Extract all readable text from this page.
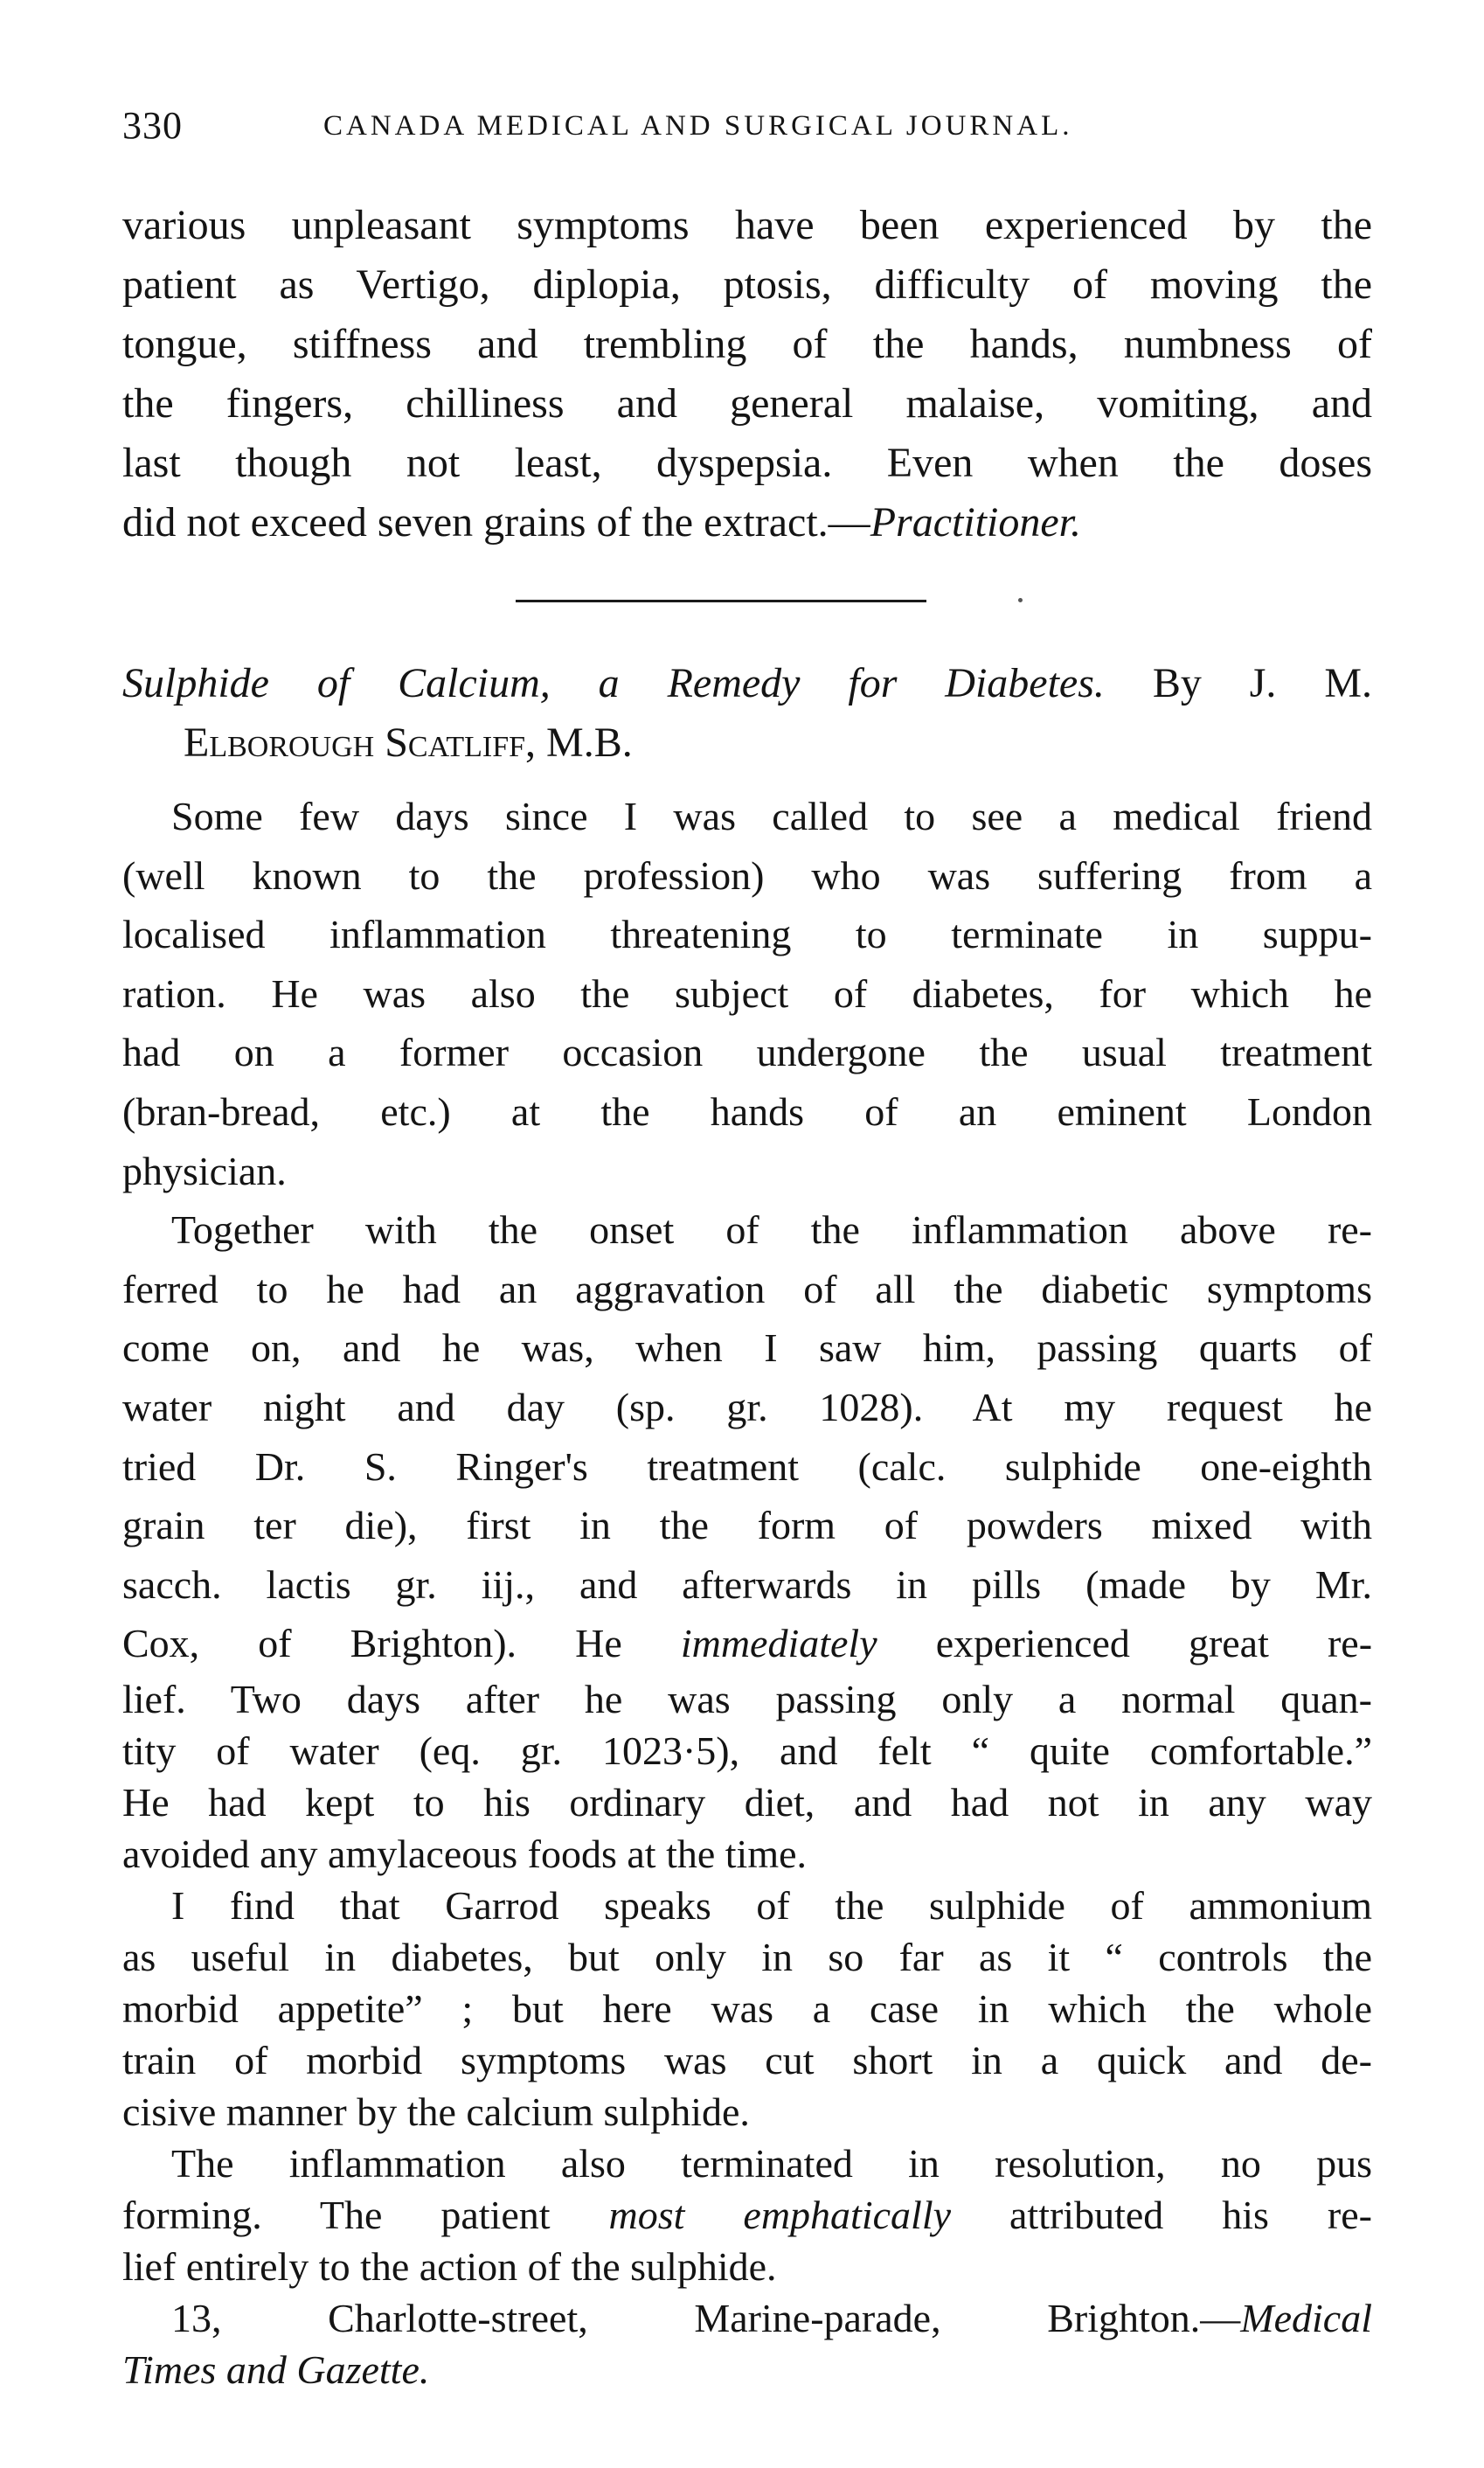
330	CANADA MEDICAL AND SURGICAL JOURNAL.
various unpleasant symptoms have been experienced by the
patient as Vertigo, diplopia, ptosis, difficulty of moving the
tongue, stiffness and trembling of the hands, numbness of
the fingers, chilliness and general malaise, vomiting, and
last though not least, dyspepsia. Even when the doses
did not exceed seven grains of the extract.—Practitioner.
Sulphide of Calcium, a Remedy for Diabetes. By J. M.
Elborough Scatliff, M.B.
Some few days since I was called to see a medical friend
(well known to the profession) who was suffering from a
localised inflammation threatening to terminate in suppu-
ration. He was also the subject of diabetes, for which he
had on a former occasion undergone the usual treatment
(bran-bread, etc.) at the hands of an eminent London
physician.
Together with the onset of the inflammation above re-
ferred to he had an aggravation of all the diabetic symptoms
come on, and he was, when I saw him, passing quarts of
water night and day (sp. gr. 1028). At my request he
tried Dr. S. Ringer's treatment (calc. sulphide one-eighth
grain ter die), first in the form of powders mixed with
sacch. lactis gr. iij., and afterwards in pills (made by Mr.
Cox, of Brighton). He immediately experienced great re-
lief. Two days after he was passing only a normal quan-
tity of water (eq. gr. 1023·5), and felt “ quite comfortable.”
He had kept to his ordinary diet, and had not in any way
avoided any amylaceous foods at the time.
I find that Garrod speaks of the sulphide of ammonium
as useful in diabetes, but only in so far as it “ controls the
morbid appetite” ; but here was a case in which the whole
train of morbid symptoms was cut short in a quick and de-
cisive manner by the calcium sulphide.
The inflammation also terminated in resolution, no pus
forming. The patient most emphatically attributed his re-
lief entirely to the action of the sulphide.
13, Charlotte-street, Marine-parade, Brighton.—Medical
Times and Gazette.
